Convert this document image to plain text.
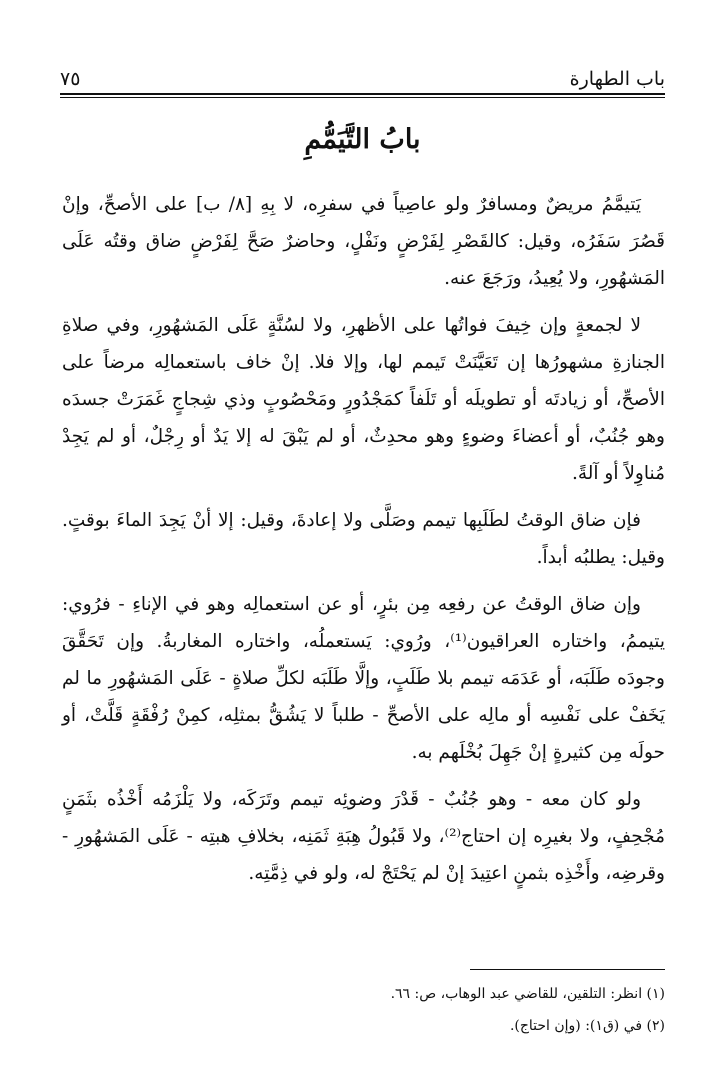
باب الطهارة
٧٥
بابُ التَّيَمُّمِ

يَتيمَّمُ مريضٌ ومسافرٌ ولو عاصِياً في سفرِه، لا بِهِ [٨/ ب] على الأصحِّ، وإنْ قَصُرَ سَفَرُه، وقيل: كالقَصْرِ لِفَرْضٍ ونَفْلٍ، وحاضرٌ صَحَّ لِفَرْضٍ ضاق وقتُه عَلَى المَشهُورِ، ولا يُعِيدُ، ورَجَعَ عنه.

لا لجمعةٍ وإن خِيفَ فواتُها على الأظهرِ، ولا لسُنَّةٍ عَلَى المَشهُورِ، وفي صلاةِ الجنازةِ مشهورُها إن تَعَيَّنَتْ تَيمم لها، وإلا فلا. إنْ خاف باستعمالِه مرضاً على الأصحِّ، أو زيادتَه أو تطويلَه أو تَلَفاً كمَجْدُورٍ ومَحْصُوبٍ وذي شِجاجٍ غَمَرَتْ جسدَه وهو جُنُبٌ، أو أعضاءَ وضوءٍ وهو محدِثٌ، أو لم يَبْقَ له إلا يَدٌ أو رِجْلٌ، أو لم يَجِدْ مُناوِلاً أو آلةً.

فإن ضاق الوقتُ لطَلَبِها تيمم وصَلَّى ولا إعادةَ، وقيل: إلا أنْ يَجِدَ الماءَ بوقتٍ. وقيل: يطلبُه أبداً.

وإن ضاق الوقتُ عن رفعِه مِن بئرٍ، أو عن استعمالِه وهو في الإناءِ - فرُوي: يتيممُ، واختاره العراقيون⁽¹⁾، ورُوي: يَستعملُه، واختاره المغاربةُ. وإن تَحَقَّقَ وجودَه طَلَبَه، أو عَدَمَه تيمم بلا طَلَبٍ، وإلَّا طَلَبَه لكلِّ صلاةٍ - عَلَى المَشهُورِ ما لم يَخَفْ على نَفْسِه أو مالِه على الأصحِّ - طلباً لا يَشُقُّ بمثلِه، كمِنْ رُفْقَةٍ قَلَّتْ، أو حولَه مِن كثيرةٍ إنْ جَهِلَ بُخْلَهم به.

ولو كان معه - وهو جُنُبٌ - قَدْرَ وضوئِه تيمم وتَرَكَه، ولا يَلْزَمُه أَخْذُه بثَمَنٍ مُجْحِفٍ، ولا بغيرِه إن احتاج⁽²⁾، ولا قَبُولُ هِبَةِ ثَمَنِه، بخلافِ هبتِه - عَلَى المَشهُورِ - وقرضِه، وأَخْذِه بثمنٍ اعتِيدَ إنْ لم يَحْتَجْ له، ولو في ذِمَّتِه.

(١) انظر: التلقين، للقاضي عبد الوهاب، ص: ٦٦.
(٢) في (ق١): (وإن احتاج).
